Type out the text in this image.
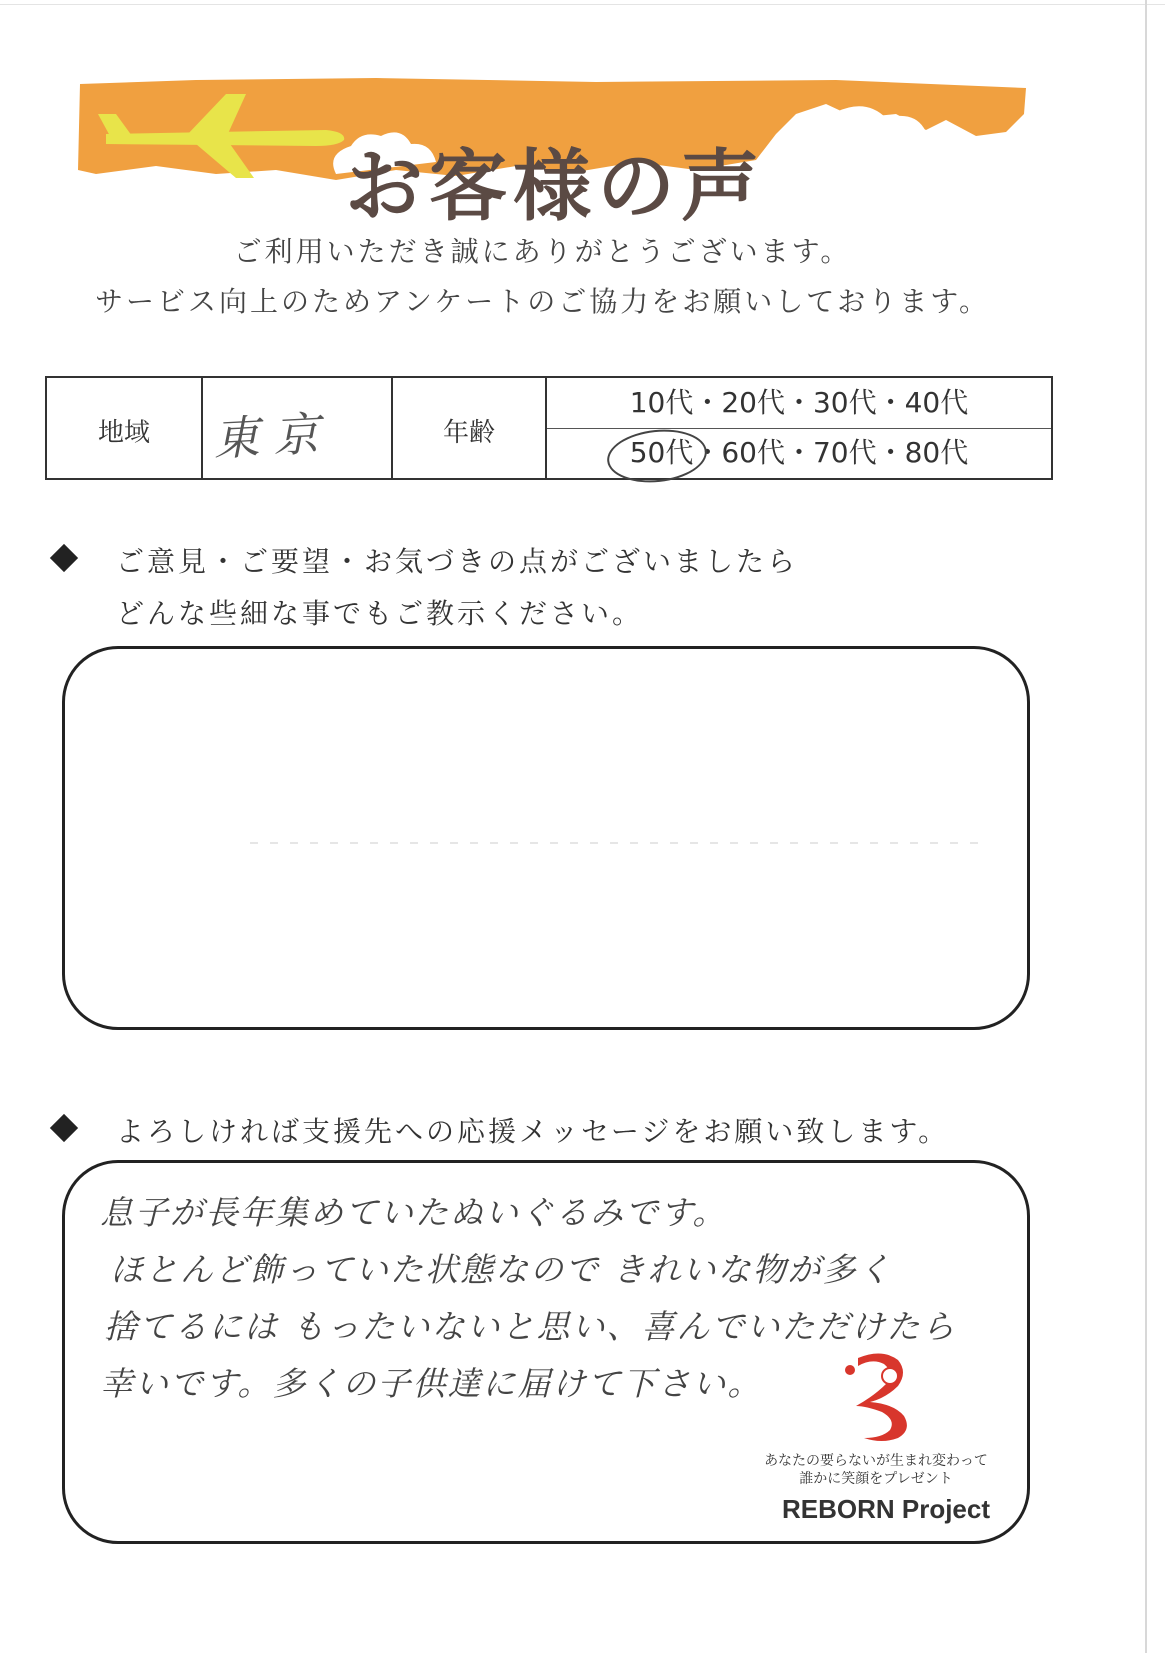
お客様の声
ご利用いただき誠にありがとうございます。
サービス向上のためアンケートのご協力をお願いしております。
地域	東京	年齢
10代・20代・30代・40代
50代・60代・70代・80代
ご意見・ご要望・お気づきの点がございましたら
どんな些細な事でもご教示ください。
よろしければ支援先への応援メッセージをお願い致します。
息子が長年集めていたぬいぐるみです。
ほとんど飾っていた状態なので きれいな物が多く
捨てるには もったいないと思い、喜んでいただけたら
幸いです。多くの子供達に届けて下さい。
あなたの要らないが生まれ変わって
誰かに笑顔をプレゼント
REBORN Project
